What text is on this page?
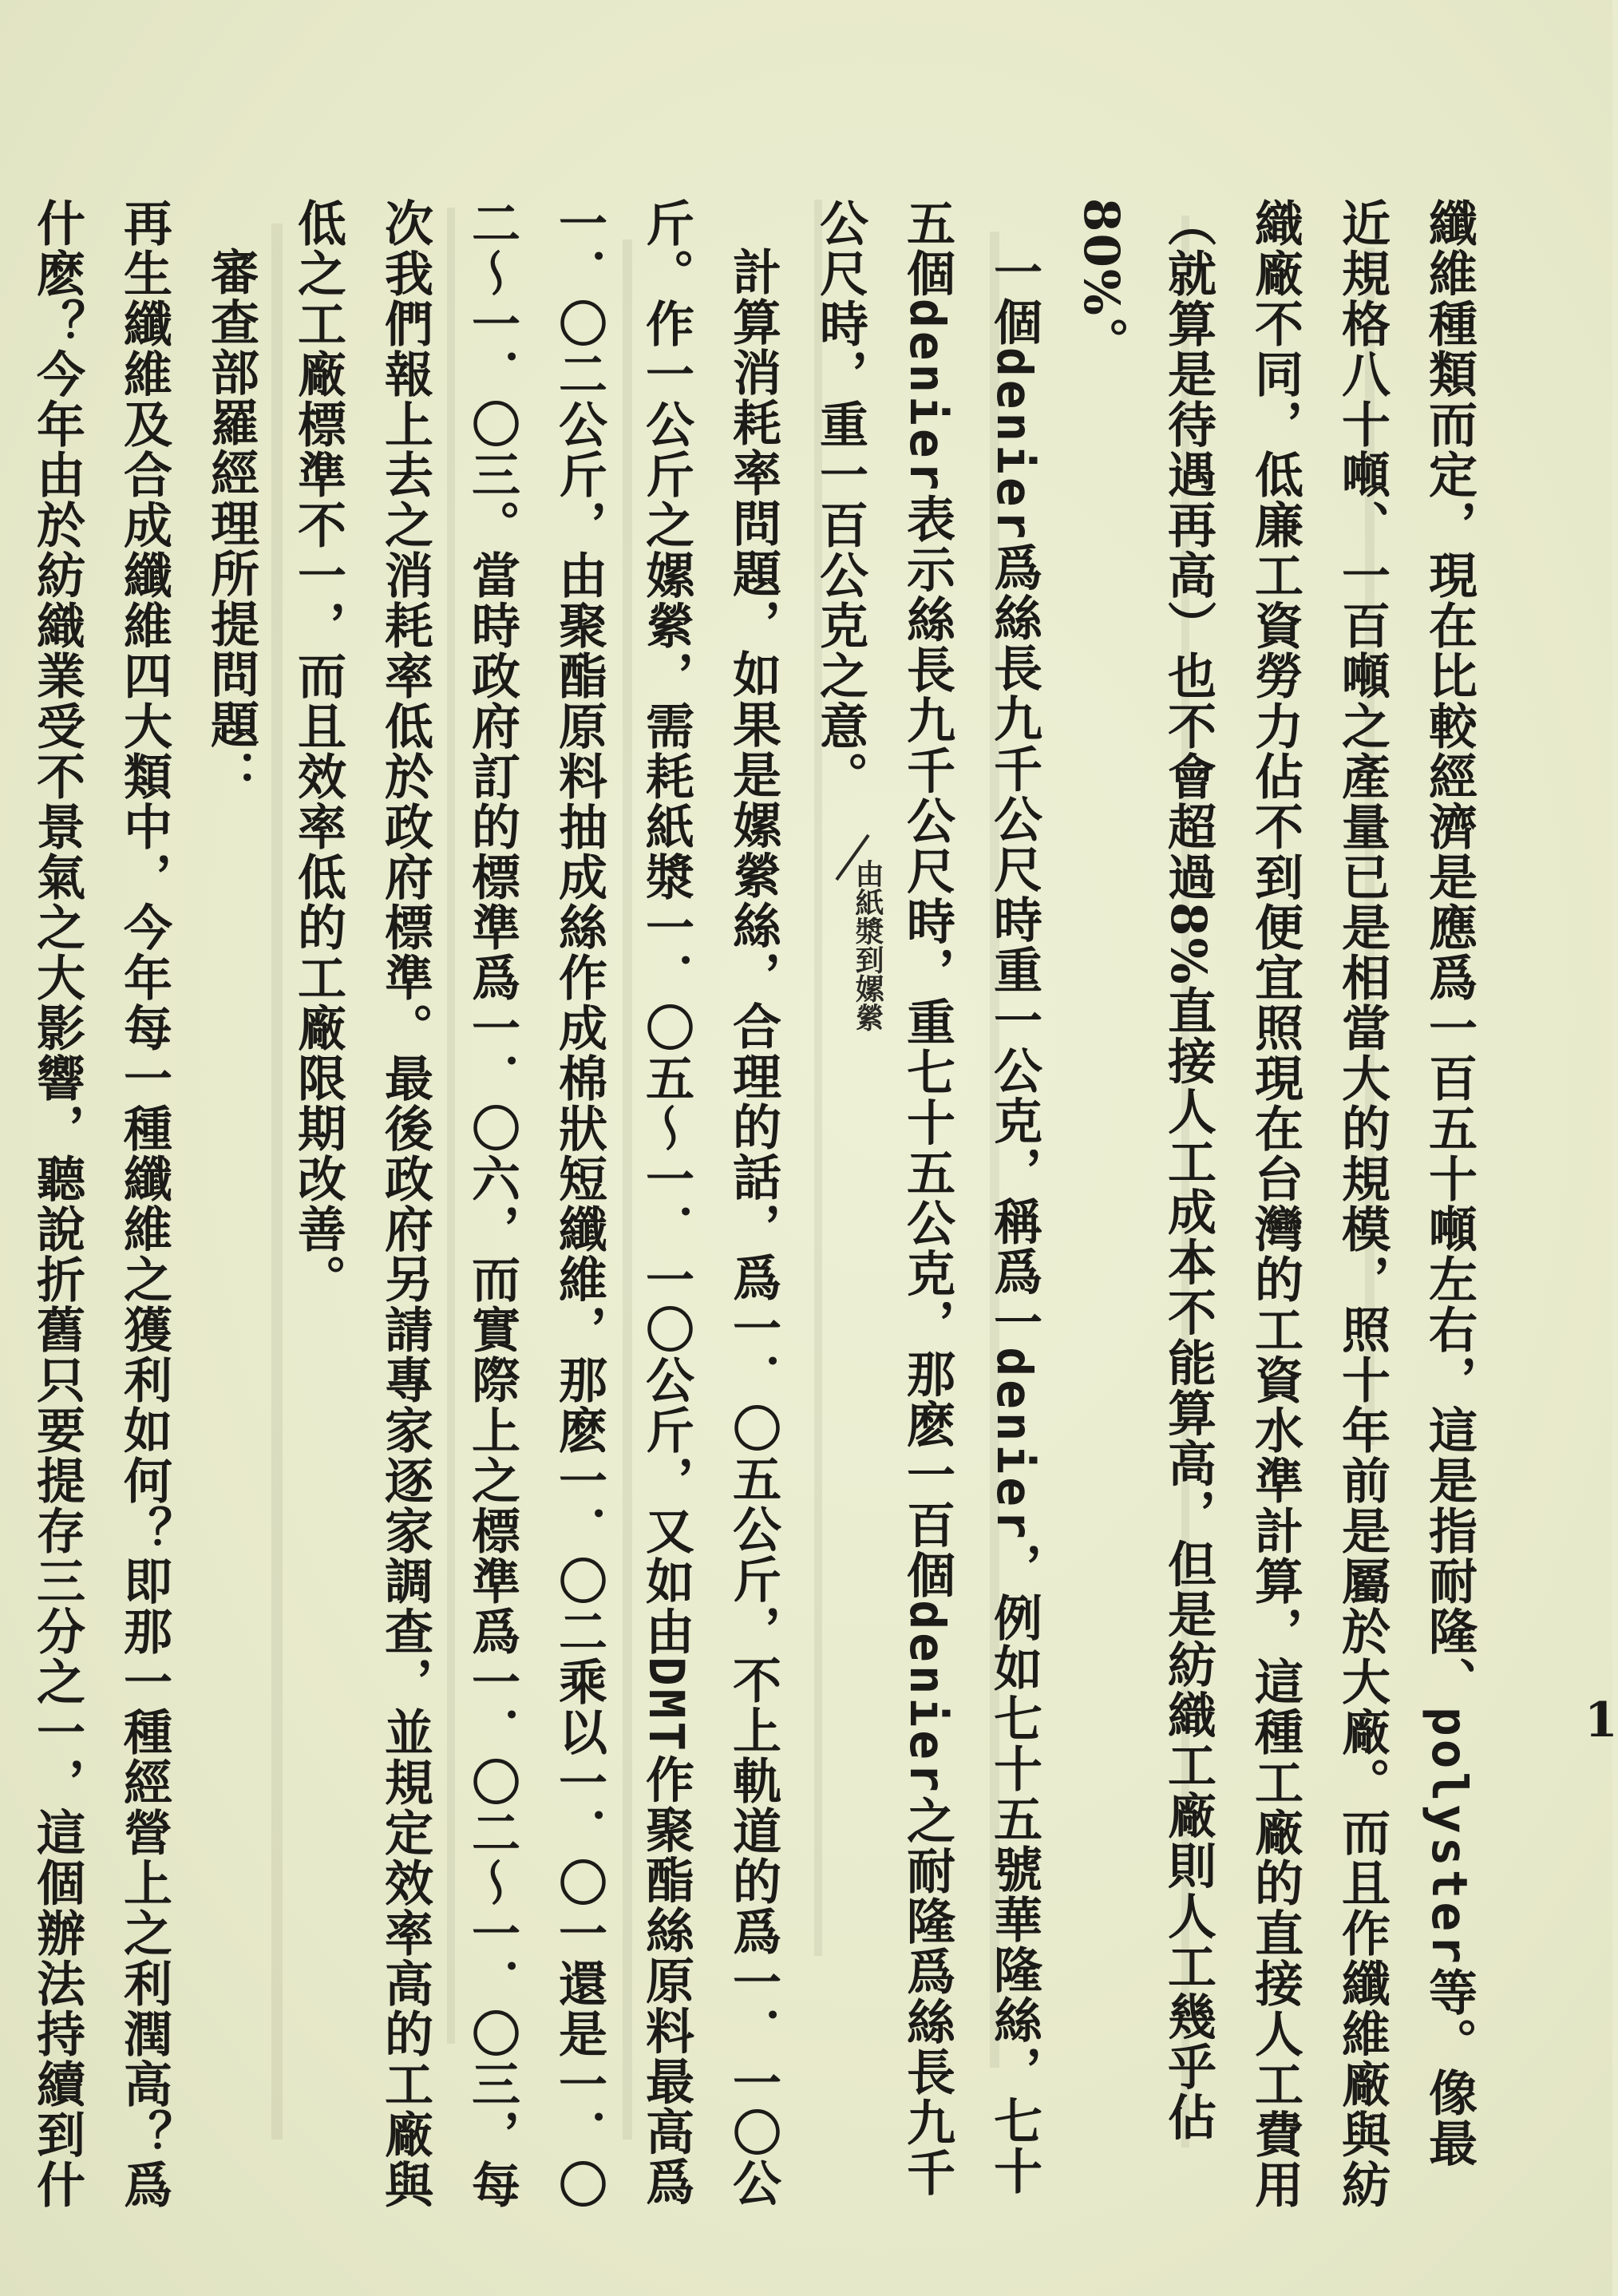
纖維種類而定，現在比較經濟是應爲一百五十噸左右，這是指耐隆、polyster等。像最近規格八十噸、一百噸之產量已是相當大的規模，照十年前是屬於大廠。而且作纖維廠與紡織廠不同，低廉工資勞力佔不到便宜照現在台灣的工資水準計算，這種工廠的直接人工費用（就算是待遇再高）也不會超過8%直接人工成本不能算高，但是紡織工廠則人工幾乎佔80%。

一個denier爲絲長九千公尺時重一公克，稱爲一denier，例如七十五號華隆絲，七十五個denier表示絲長九千公尺時，重七十五公克，那麽一百個denier之耐隆爲絲長九千公尺時，重一百公克之意。

計算消耗率問題，如果是嫘縈絲，合理的話，爲一．〇五公斤，不上軌道的爲一．一〇公斤。作一公斤之嫘縈，需耗紙漿一．〇五～一．一〇公斤，又如由DMT作聚酯絲原料最高爲一．〇二公斤，由聚酯原料抽成絲作成棉狀短纖維，那麽一．〇二乘以一．〇一還是一．〇二～一．〇三。當時政府訂的標準爲一．〇六，而實際上之標準爲一．〇二～一．〇三，每次我們報上去之消耗率低於政府標準。最後政府另請專家逐家調查，並規定效率高的工廠與低之工廠標準不一，而且效率低的工廠限期改善。

審查部羅經理所提問題：

再生纖維及合成纖維四大類中，今年每一種纖維之獲利如何？即那一種經營上之利潤高？爲什麽？今年由於紡織業受不景氣之大影響，聽說折舊只要提存三分之一，這個辦法持續到什

由紙漿到嫘縈
1
